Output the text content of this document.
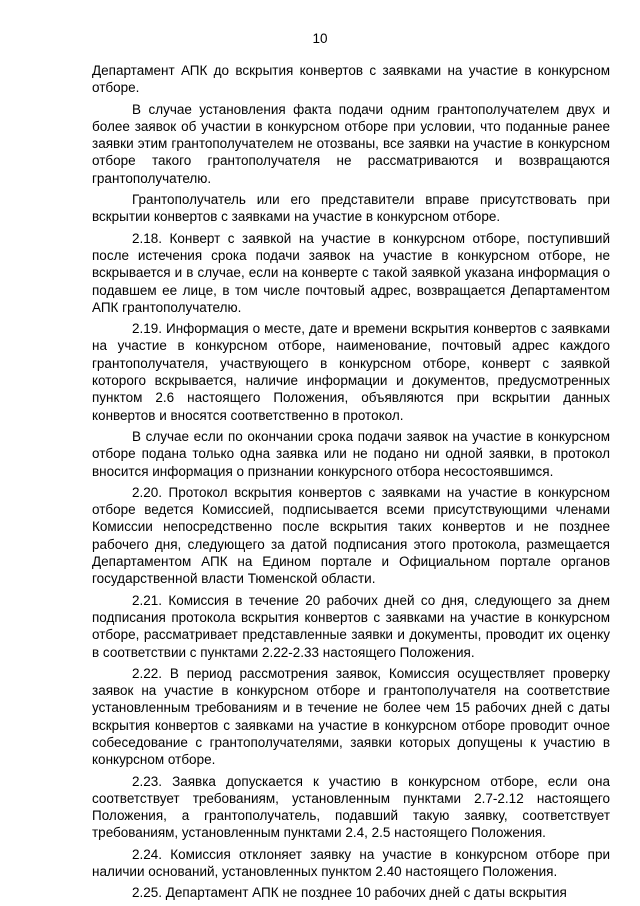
10

Департамент АПК до вскрытия конвертов с заявками на участие в конкурсном отборе.

В случае установления факта подачи одним грантополучателем двух и более заявок об участии в конкурсном отборе при условии, что поданные ранее заявки этим грантополучателем не отозваны, все заявки на участие в конкурсном отборе такого грантополучателя не рассматриваются и возвращаются грантополучателю.

Грантополучатель или его представители вправе присутствовать при вскрытии конвертов с заявками на участие в конкурсном отборе.

2.18. Конверт с заявкой на участие в конкурсном отборе, поступивший после истечения срока подачи заявок на участие в конкурсном отборе, не вскрывается и в случае, если на конверте с такой заявкой указана информация о подавшем ее лице, в том числе почтовый адрес, возвращается Департаментом АПК грантополучателю.

2.19. Информация о месте, дате и времени вскрытия конвертов с заявками на участие в конкурсном отборе, наименование, почтовый адрес каждого грантополучателя, участвующего в конкурсном отборе, конверт с заявкой которого вскрывается, наличие информации и документов, предусмотренных пунктом 2.6 настоящего Положения, объявляются при вскрытии данных конвертов и вносятся соответственно в протокол.

В случае если по окончании срока подачи заявок на участие в конкурсном отборе подана только одна заявка или не подано ни одной заявки, в протокол вносится информация о признании конкурсного отбора несостоявшимся.

2.20. Протокол вскрытия конвертов с заявками на участие в конкурсном отборе ведется Комиссией, подписывается всеми присутствующими членами Комиссии непосредственно после вскрытия таких конвертов и не позднее рабочего дня, следующего за датой подписания этого протокола, размещается Департаментом АПК на Едином портале и Официальном портале органов государственной власти Тюменской области.

2.21. Комиссия в течение 20 рабочих дней со дня, следующего за днем подписания протокола вскрытия конвертов с заявками на участие в конкурсном отборе, рассматривает представленные заявки и документы, проводит их оценку в соответствии с пунктами 2.22-2.33 настоящего Положения.

2.22. В период рассмотрения заявок, Комиссия осуществляет проверку заявок на участие в конкурсном отборе и грантополучателя на соответствие установленным требованиям и в течение не более чем 15 рабочих дней с даты вскрытия конвертов с заявками на участие в конкурсном отборе проводит очное собеседование с грантополучателями, заявки которых допущены к участию в конкурсном отборе.

2.23. Заявка допускается к участию в конкурсном отборе, если она соответствует требованиям, установленным пунктами 2.7-2.12 настоящего Положения, а грантополучатель, подавший такую заявку, соответствует требованиям, установленным пунктами 2.4, 2.5 настоящего Положения.

2.24. Комиссия отклоняет заявку на участие в конкурсном отборе при наличии оснований, установленных пунктом 2.40 настоящего Положения.

2.25. Департамент АПК не позднее 10 рабочих дней с даты вскрытия
